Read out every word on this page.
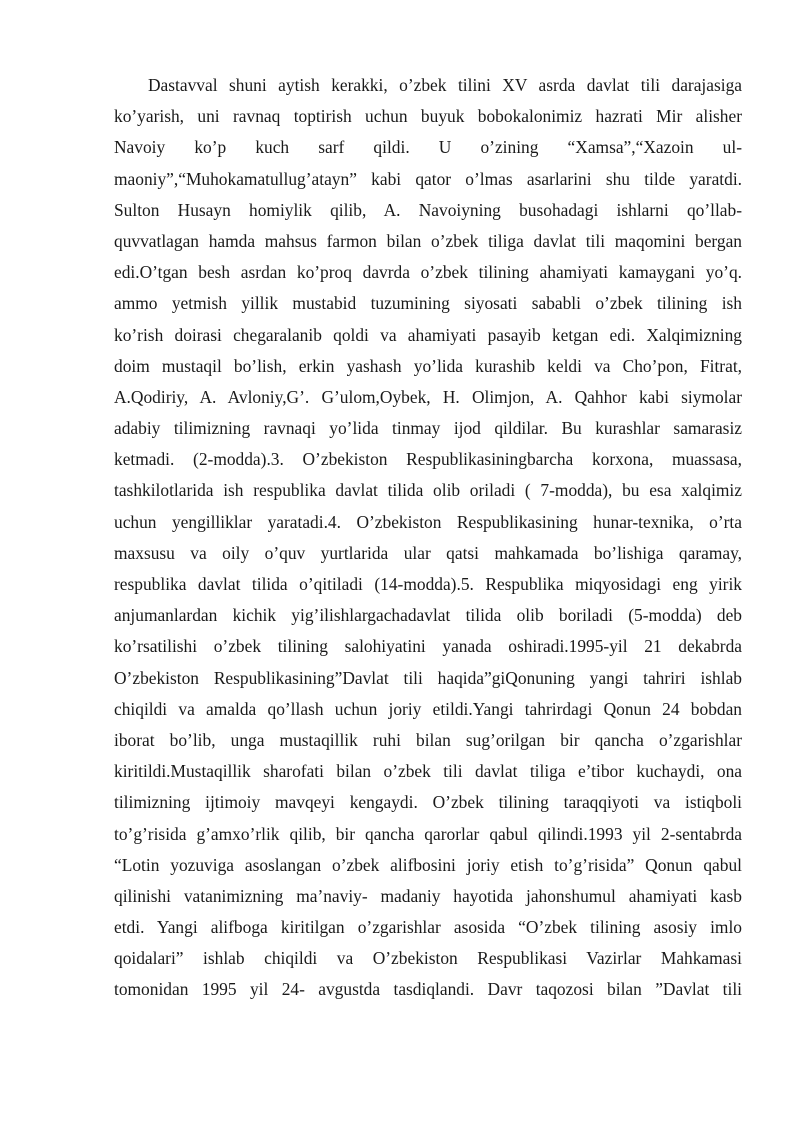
Dastavval shuni aytish kerakki, o’zbek tilini XV asrda davlat tili darajasiga
ko’yarish, uni ravnaq toptirish uchun buyuk bobokalonimiz hazrati Mir alisher
Navoiy ko’p kuch sarf qildi. U o’zining “Xamsa”,“Xazoin ul-
maoniy”,“Muhokamatullug’atayn” kabi qator o’lmas asarlarini shu tilde yaratdi.
Sulton Husayn homiylik qilib, A. Navoiyning busohadagi ishlarni qo’llab-
quvvatlagan hamda mahsus farmon bilan o’zbek tiliga davlat tili maqomini bergan
edi.O’tgan besh asrdan ko’proq davrda o’zbek tilining ahamiyati kamaygani yo’q.
ammo yetmish yillik mustabid tuzumining siyosati sababli o’zbek tilining ish
ko’rish doirasi chegaralanib qoldi va ahamiyati pasayib ketgan edi. Xalqimizning
doim mustaqil bo’lish, erkin yashash yo’lida kurashib keldi va Cho’pon, Fitrat,
A.Qodiriy, A. Avloniy,G’. G’ulom,Oybek, H. Olimjon, A. Qahhor kabi siymolar
adabiy tilimizning ravnaqi yo’lida tinmay ijod qildilar. Bu kurashlar samarasiz
ketmadi. (2-modda).3. O’zbekiston Respublikasiningbarcha korxona, muassasa,
tashkilotlarida ish respublika davlat tilida olib oriladi ( 7-modda), bu esa xalqimiz
uchun yengilliklar yaratadi.4. O’zbekiston Respublikasining hunar-texnika, o’rta
maxsusu va oily o’quv yurtlarida ular qatsi mahkamada bo’lishiga qaramay,
respublika davlat tilida o’qitiladi (14-modda).5. Respublika miqyosidagi eng yirik
anjumanlardan kichik yig’ilishlargachadavlat tilida olib boriladi (5-modda) deb
ko’rsatilishi o’zbek tilining salohiyatini yanada oshiradi.1995-yil 21 dekabrda
O’zbekiston Respublikasining”Davlat tili haqida”giQonuning yangi tahriri ishlab
chiqildi va amalda qo’llash uchun joriy etildi.Yangi tahrirdagi Qonun 24 bobdan
iborat bo’lib, unga mustaqillik ruhi bilan sug’orilgan bir qancha o’zgarishlar
kiritildi.Mustaqillik sharofati bilan o’zbek tili davlat tiliga e’tibor kuchaydi, ona
tilimizning ijtimoiy mavqeyi kengaydi. O’zbek tilining taraqqiyoti va istiqboli
to’g’risida g’amxo’rlik qilib, bir qancha qarorlar qabul qilindi.1993 yil 2-sentabrda
“Lotin yozuviga asoslangan o’zbek alifbosini joriy etish to’g’risida” Qonun qabul
qilinishi vatanimizning ma’naviy- madaniy hayotida jahonshumul ahamiyati kasb
etdi. Yangi alifboga kiritilgan o’zgarishlar asosida “O’zbek tilining asosiy imlo
qoidalari” ishlab chiqildi va O’zbekiston Respublikasi Vazirlar Mahkamasi
tomonidan 1995 yil 24- avgustda tasdiqlandi. Davr taqozosi bilan ”Davlat tili
